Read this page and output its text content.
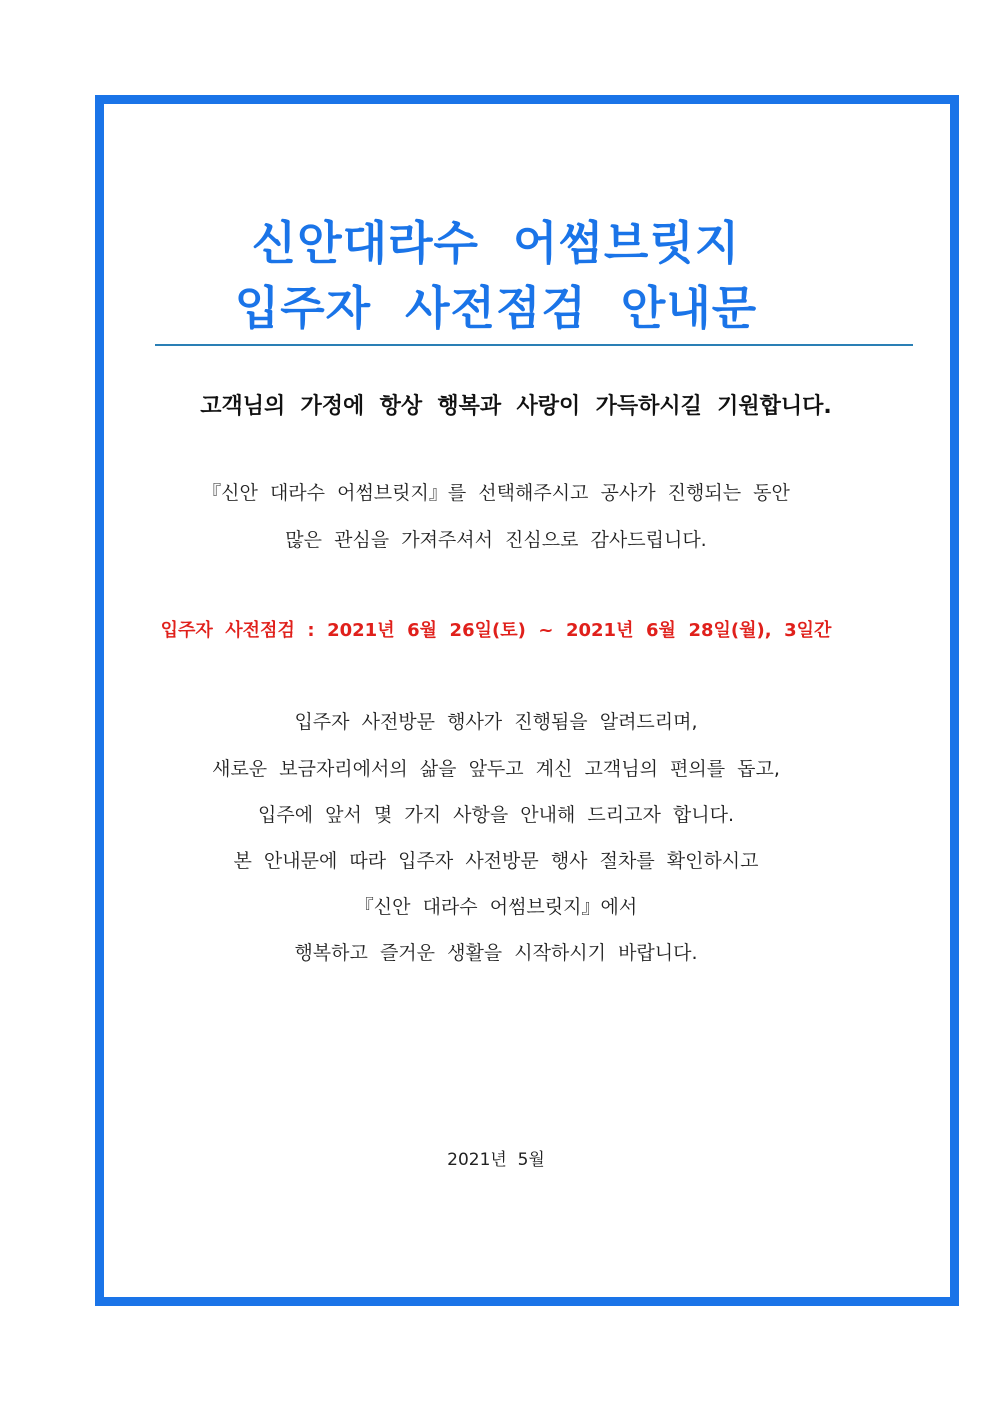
신안대라수  어썸브릿지
입주자  사전점검  안내문
고객님의  가정에  항상  행복과  사랑이  가득하시길  기원합니다.
『신안  대라수  어썸브릿지』를  선택해주시고  공사가  진행되는  동안
많은  관심을  가져주셔서  진심으로  감사드립니다.
입주자  사전점검  :  2021년  6월  26일(토)  ~  2021년  6월  28일(월),  3일간
입주자  사전방문  행사가  진행됨을  알려드리며,
새로운  보금자리에서의  삶을  앞두고  계신  고객님의  편의를  돕고,
입주에  앞서  몇  가지  사항을  안내해  드리고자  합니다.
본  안내문에  따라  입주자  사전방문  행사  절차를  확인하시고
『신안  대라수  어썸브릿지』에서
행복하고  즐거운  생활을  시작하시기  바랍니다.
2021년  5월
